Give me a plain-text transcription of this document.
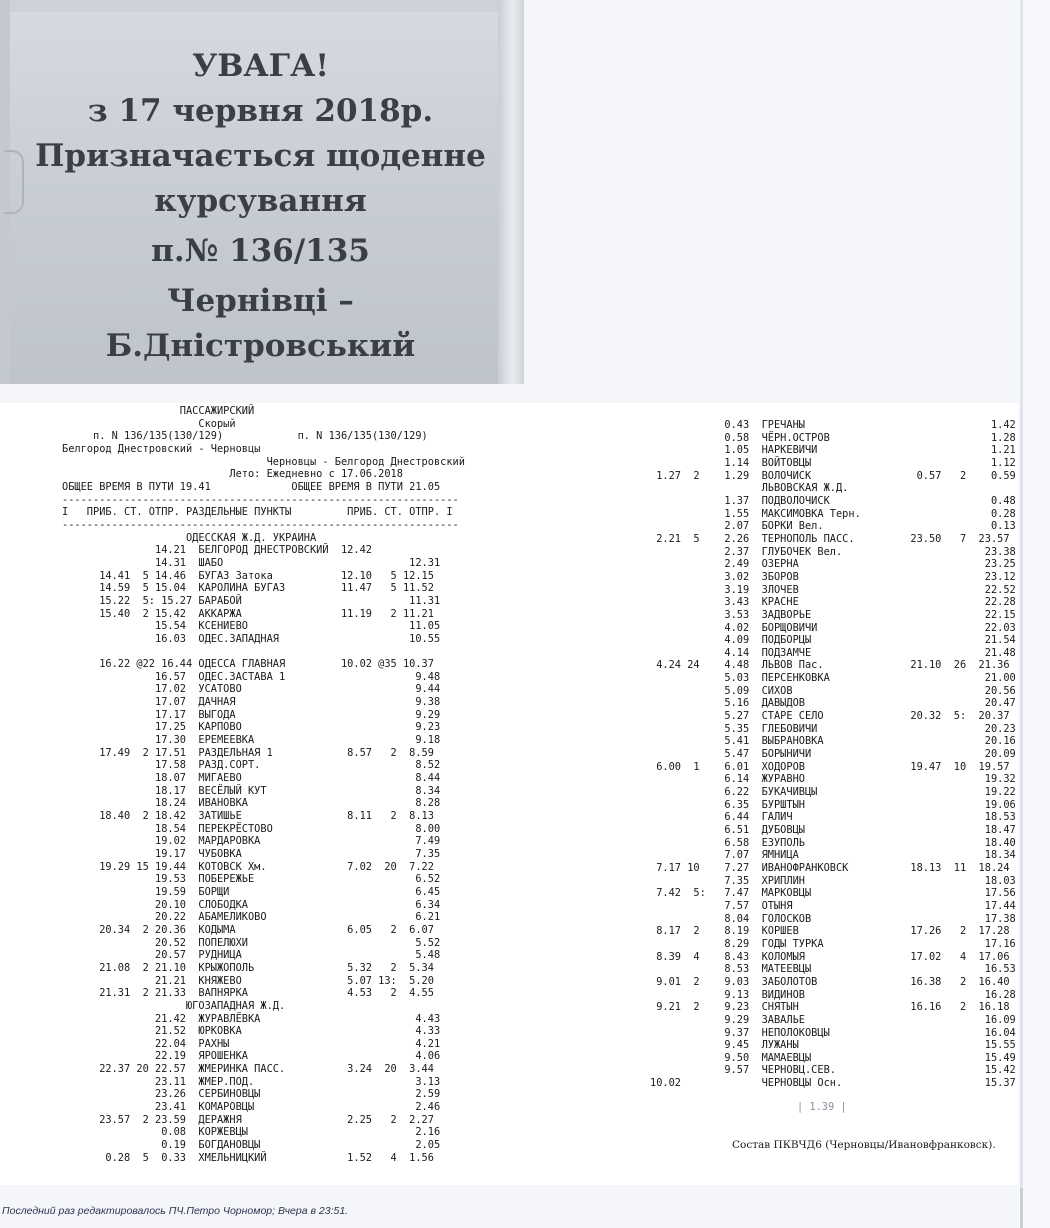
УВАГА!
з 17 червня 2018р.
Призначається щоденне
курсування
п.№ 136/135
Чернівці – Б.Дністровський
ПАССАЖИРСКИЙ
Скорый
п. N 136/135(130/129)            п. N 136/135(130/129)
Белгород Днестровский - Черновцы
Черновцы - Белгород Днестровский
Лето: Ежедневно с 17.06.2018
ОБЩЕЕ ВРЕМЯ В ПУТИ 19.41             ОБЩЕЕ ВРЕМЯ В ПУТИ 21.05
----------------------------------------------------------------
I   ПРИБ. СТ. ОТПР. РАЗДЕЛЬНЫЕ ПУНКТЫ         ПРИБ. СТ. ОТПР. I
----------------------------------------------------------------
ОДЕССКАЯ Ж.Д. УКРАИНА
14.21  БЕЛГОРОД ДНЕСТРОВСКИЙ  12.42
14.31  ШАБО                              12.31
14.41  5 14.46  БУГАЗ Затока           12.10   5 12.15
14.59  5 15.04  КАРОЛИНА БУГАЗ         11.47   5 11.52
15.22  5: 15.27 БАРАБОЙ                           11.31
15.40  2 15.42  АККАРЖА                11.19   2 11.21
15.54  КСЕНИЕВО                          11.05
16.03  ОДЕС.ЗАПАДНАЯ                     10.55

16.22 @22 16.44 ОДЕССА ГЛАВНАЯ         10.02 @35 10.37
16.57  ОДЕС.ЗАСТАВА 1                     9.48
17.02  УСАТОВО                            9.44
17.07  ДАЧНАЯ                             9.38
17.17  ВЫГОДА                             9.29
17.25  КАРПОВО                            9.23
17.30  ЕРЕМЕЕВКА                          9.18
17.49  2 17.51  РАЗДЕЛЬНАЯ 1            8.57   2  8.59
17.58  РАЗД.СОРТ.                         8.52
18.07  МИГАЕВО                            8.44
18.17  ВЕСЁЛЫЙ КУТ                        8.34
18.24  ИВАНОВКА                           8.28
18.40  2 18.42  ЗАТИШЬЕ                 8.11   2  8.13
18.54  ПЕРЕКРЁСТОВО                       8.00
19.02  МАРДАРОВКА                         7.49
19.17  ЧУБОВКА                            7.35
19.29 15 19.44  КОТОВСК Хм.             7.02  20  7.22
19.53  ПОБЕРЕЖЬЕ                          6.52
19.59  БОРЩИ                              6.45
20.10  СЛОБОДКА                           6.34
20.22  АБАМЕЛИКОВО                        6.21
20.34  2 20.36  КОДЫМА                  6.05   2  6.07
20.52  ПОПЕЛЮХИ                           5.52
20.57  РУДНИЦА                            5.48
21.08  2 21.10  КРЫЖОПОЛЬ               5.32   2  5.34
21.21  КНЯЖЕВО                 5.07 13:  5.20
21.31  2 21.33  ВАПНЯРКА                4.53   2  4.55
ЮГОЗАПАДНАЯ Ж.Д.
21.42  ЖУРАВЛЁВКА                         4.43
21.52  ЮРКОВКА                            4.33
22.04  РАХНЫ                              4.21
22.19  ЯРОШЕНКА                           4.06
22.37 20 22.57  ЖМЕРИНКА ПАСС.          3.24  20  3.44
23.11  ЖМЕР.ПОД.                          3.13
23.26  СЕРБИНОВЦЫ                         2.59
23.41  КОМАРОВЦЫ                          2.46
23.57  2 23.59  ДЕРАЖНЯ                 2.25   2  2.27
0.08  КОРЖЕВЦЫ                           2.16
0.19  БОГДАНОВЦЫ                         2.05
0.28  5  0.33  ХМЕЛЬНИЦКИЙ             1.52   4  1.56
0.43  ГРЕЧАНЫ                              1.42
0.58  ЧЁРН.ОСТРОВ                          1.28
1.05  НАРКЕВИЧИ                            1.21
1.14  ВОЙТОВЦЫ                             1.12
1.27  2    1.29  ВОЛОЧИСК                 0.57   2    0.59
ЛЬВОВСКАЯ Ж.Д.
1.37  ПОДВОЛОЧИСК                          0.48
1.55  МАКСИМОВКА Терн.                     0.28
2.07  БОРКИ Вел.                           0.13
2.21  5    2.26  ТЕРНОПОЛЬ ПАСС.         23.50   7  23.57
2.37  ГЛУБОЧЕК Вел.                       23.38
2.49  ОЗЕРНА                              23.25
3.02  ЗБОРОВ                              23.12
3.19  ЗЛОЧЕВ                              22.52
3.43  КРАСНЕ                              22.28
3.53  ЗАДВОРЬЕ                            22.15
4.02  БОРЩОВИЧИ                           22.03
4.09  ПОДБОРЦЫ                            21.54
4.14  ПОДЗАМЧЕ                            21.48
4.24 24    4.48  ЛЬВОВ Пас.              21.10  26  21.36
5.03  ПЕРСЕНКОВКА                         21.00
5.09  СИХОВ                               20.56
5.16  ДАВЫДОВ                             20.47
5.27  СТАРЕ СЕЛО              20.32  5:  20.37
5.35  ГЛЕБОВИЧИ                           20.23
5.41  ВЫБРАНОВКА                          20.16
5.47  БОРЫНИЧИ                            20.09
6.00  1    6.01  ХОДОРОВ                 19.47  10  19.57
6.14  ЖУРАВНО                             19.32
6.22  БУКАЧИВЦЫ                           19.22
6.35  БУРШТЫН                             19.06
6.44  ГАЛИЧ                               18.53
6.51  ДУБОВЦЫ                             18.47
6.58  ЕЗУПОЛЬ                             18.40
7.07  ЯМНИЦА                              18.34
7.17 10    7.27  ИВАНОФРАНКОВСК          18.13  11  18.24
7.35  ХРИПЛИН                             18.03
7.42  5:   7.47  МАРКОВЦЫ                            17.56
7.57  ОТЫНЯ                               17.44
8.04  ГОЛОСКОВ                            17.38
8.17  2    8.19  КОРШЕВ                  17.26   2  17.28
8.29  ГОДЫ ТУРКА                          17.16
8.39  4    8.43  КОЛОМЫЯ                 17.02   4  17.06
8.53  МАТЕЕВЦЫ                            16.53
9.01  2    9.03  ЗАБОЛОТОВ               16.38   2  16.40
9.13  ВИДИНОВ                             16.28
9.21  2    9.23  СНЯТЫН                  16.16   2  16.18
9.29  ЗАВАЛЬЕ                             16.09
9.37  НЕПОЛОКОВЦЫ                         16.04
9.45  ЛУЖАНЫ                              15.55
9.50  МАМАЕВЦЫ                            15.49
9.57  ЧЕРНОВЦ.СЕВ.                        15.42
10.02             ЧЕРНОВЦЫ Осн.                       15.37
| 1.39 |
Состав ПКВЧД6 (Черновцы/Ивановфранковск).
Последний раз редактировалось ПЧ.Петро Чорномор; Вчера в 23:51.
